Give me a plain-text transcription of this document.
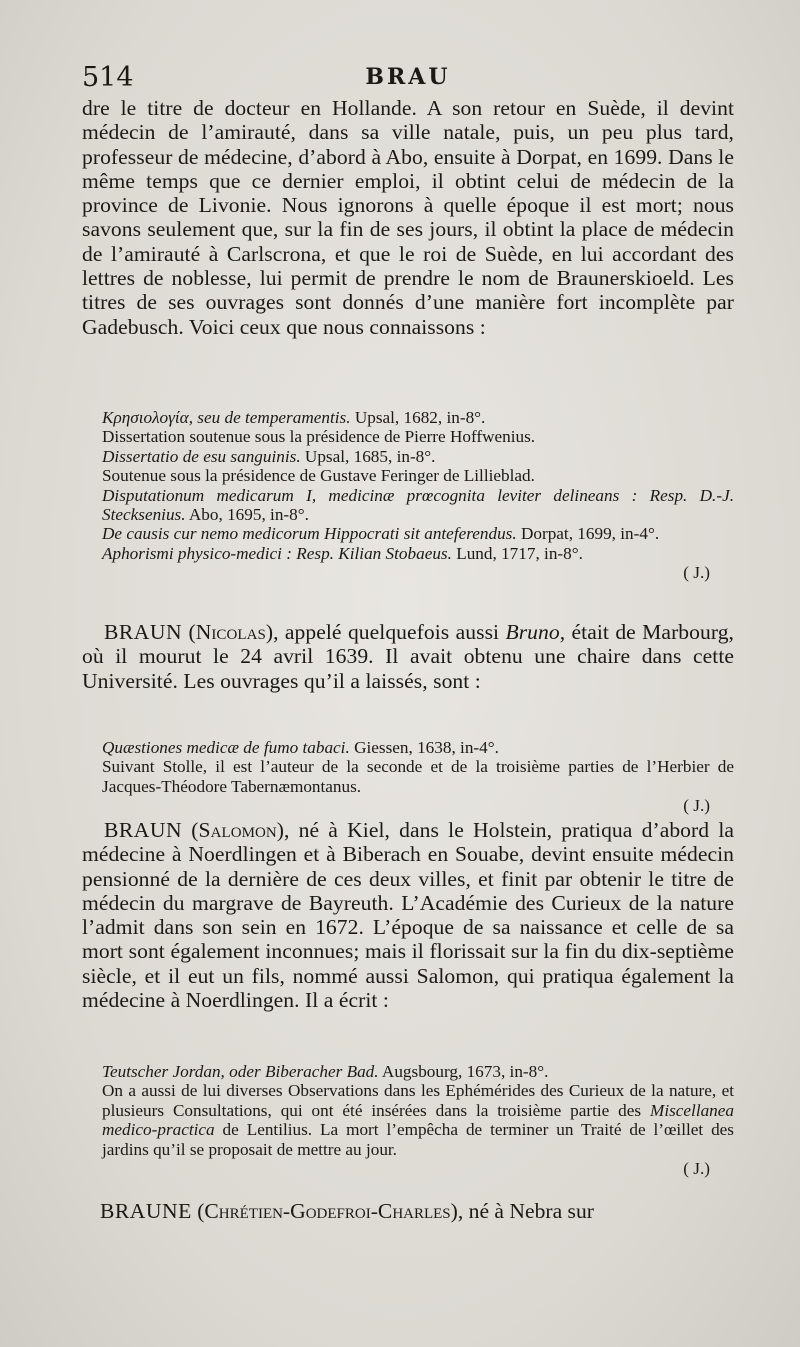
514	BRAU

dre le titre de docteur en Hollande. A son retour en Suède, il devint médecin de l’amirauté, dans sa ville natale, puis, un peu plus tard, professeur de médecine, d’abord à Abo, ensuite à Dorpat, en 1699. Dans le même temps que ce dernier emploi, il obtint celui de médecin de la province de Livonie. Nous ignorons à quelle époque il est mort; nous savons seulement que, sur la fin de ses jours, il obtint la place de médecin de l’amirauté à Carlscrona, et que le roi de Suède, en lui accordant des lettres de noblesse, lui permit de prendre le nom de Braunerskioeld. Les titres de ses ouvrages sont donnés d’une manière fort incomplète par Gadebusch. Voici ceux que nous connaissons :

Κρησιολογία, seu de temperamentis. Upsal, 1682, in-8°.

Dissertation soutenue sous la présidence de Pierre Hoffwenius.

Dissertatio de esu sanguinis. Upsal, 1685, in-8°.

Soutenue sous la présidence de Gustave Feringer de Lillieblad.

Disputationum medicarum I, medicinæ prœcognita leviter delineans : Resp. D.-J. Stecksenius. Abo, 1695, in-8°.

De causis cur nemo medicorum Hippocrati sit anteferendus. Dorpat, 1699, in-4°.

Aphorismi physico-medici : Resp. Kilian Stobaeus. Lund, 1717, in-8°.

( J.)

BRAUN (Nicolas), appelé quelquefois aussi Bruno, était de Marbourg, où il mourut le 24 avril 1639. Il avait obtenu une chaire dans cette Université. Les ouvrages qu’il a laissés, sont :

Quæstiones medicæ de fumo tabaci. Giessen, 1638, in-4°.

Suivant Stolle, il est l’auteur de la seconde et de la troisième parties de l’Herbier de Jacques-Théodore Tabernæmontanus.

( J.)

BRAUN (Salomon), né à Kiel, dans le Holstein, pratiqua d’abord la médecine à Noerdlingen et à Biberach en Souabe, devint ensuite médecin pensionné de la dernière de ces deux villes, et finit par obtenir le titre de médecin du margrave de Bayreuth. L’Académie des Curieux de la nature l’admit dans son sein en 1672. L’époque de sa naissance et celle de sa mort sont également inconnues; mais il florissait sur la fin du dix-septième siècle, et il eut un fils, nommé aussi Salomon, qui pratiqua également la médecine à Noerdlingen. Il a écrit :

Teutscher Jordan, oder Biberacher Bad. Augsbourg, 1673, in-8°.

On a aussi de lui diverses Observations dans les Ephémérides des Curieux de la nature, et plusieurs Consultations, qui ont été insérées dans la troisième partie des Miscellanea medico-practica de Lentilius. La mort l’empêcha de terminer un Traité de l’œillet des jardins qu’il se proposait de mettre au jour.

( J.)

BRAUNE (Chrétien-Godefroi-Charles), né à Nebra sur
